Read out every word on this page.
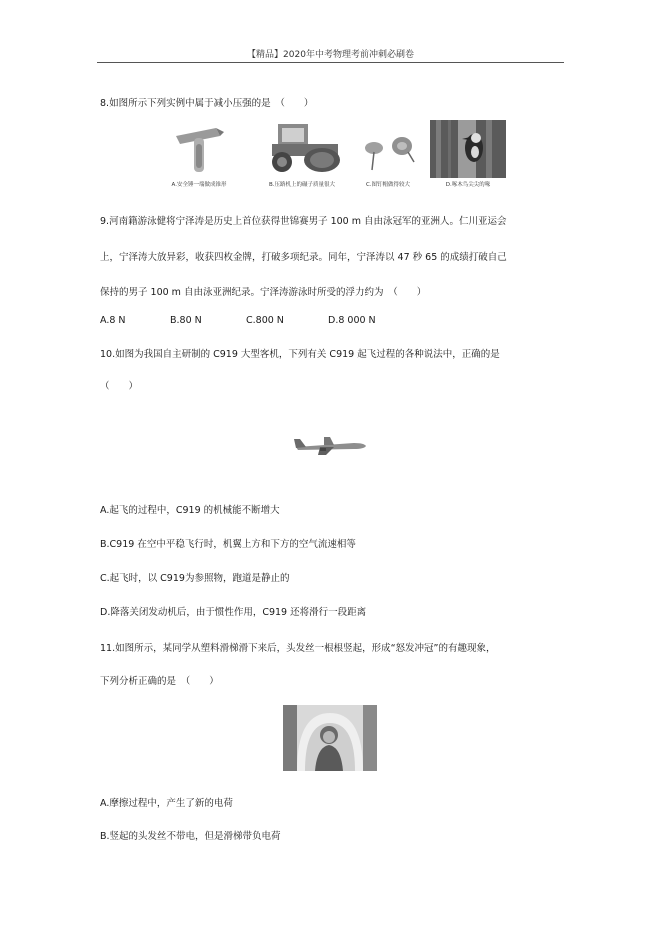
【精品】2020年中考物理考前冲刺必刷卷
8.如图所示下列实例中属于减小压强的是　（　　）
A.安全锤一端做成锥形	B.压路机上的碾子质量很大	C.图钉帽做得较大	D.啄木鸟尖尖的喙
9.河南籍游泳健将宁泽涛是历史上首位获得世锦赛男子 100 m 自由泳冠军的亚洲人。仁川亚运会
上，宁泽涛大放异彩，收获四枚金牌，打破多项纪录。同年，宁泽涛以 47 秒 65 的成绩打破自己
保持的男子 100 m 自由泳亚洲纪录。宁泽涛游泳时所受的浮力约为　（　　）
A.8 N	B.80 N	C.800 N	D.8 000 N
10.如图为我国自主研制的 C919 大型客机，下列有关 C919 起飞过程的各种说法中，正确的是
（　　）
A.起飞的过程中，C919 的机械能不断增大
B.C919 在空中平稳飞行时，机翼上方和下方的空气流速相等
C.起飞时，以 C919为参照物，跑道是静止的
D.降落关闭发动机后，由于惯性作用，C919 还将滑行一段距离
11.如图所示，某同学从塑料滑梯滑下来后，头发丝一根根竖起，形成“怒发冲冠”的有趣现象，
下列分析正确的是　（　　）
A.摩擦过程中，产生了新的电荷
B.竖起的头发丝不带电，但是滑梯带负电荷
